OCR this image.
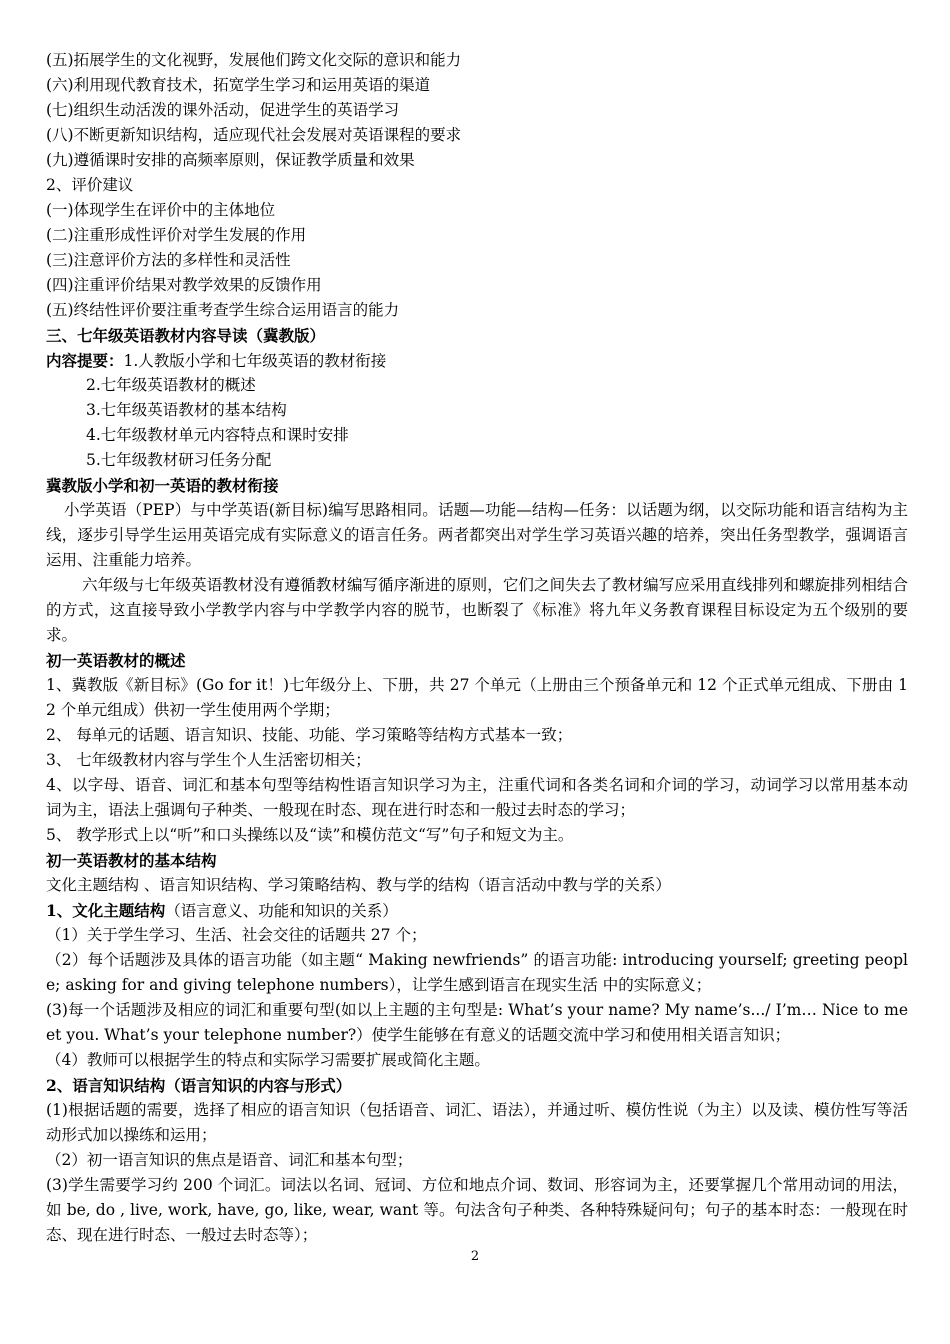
(五)拓展学生的文化视野，发展他们跨文化交际的意识和能力
(六)利用现代教育技术，拓宽学生学习和运用英语的渠道
(七)组织生动活泼的课外活动，促进学生的英语学习
(八)不断更新知识结构，适应现代社会发展对英语课程的要求
(九)遵循课时安排的高频率原则，保证教学质量和效果
2、评价建议
(一)体现学生在评价中的主体地位
(二)注重形成性评价对学生发展的作用
(三)注意评价方法的多样性和灵活性
(四)注重评价结果对教学效果的反馈作用
(五)终结性评价要注重考查学生综合运用语言的能力
三、七年级英语教材内容导读（冀教版）
内容提要：1.人教版小学和七年级英语的教材衔接
2.七年级英语教材的概述
3.七年级英语教材的基本结构
4.七年级教材单元内容特点和课时安排
5.七年级教材研习任务分配
冀教版小学和初一英语的教材衔接
小学英语（PEP）与中学英语(新目标)编写思路相同。话题—功能—结构—任务：以话题为纲，以交际功能和语言结构为主线，逐步引导学生运用英语完成有实际意义的语言任务。两者都突出对学生学习英语兴趣的培养，突出任务型教学，强调语言运用、注重能力培养。
六年级与七年级英语教材没有遵循教材编写循序渐进的原则，它们之间失去了教材编写应采用直线排列和螺旋排列相结合的方式，这直接导致小学教学内容与中学教学内容的脱节，也断裂了《标准》将九年义务教育课程目标设定为五个级别的要求。
初一英语教材的概述
1、冀教版《新目标》(Go for it！)七年级分上、下册，共 27 个单元（上册由三个预备单元和 12 个正式单元组成、下册由 12 个单元组成）供初一学生使用两个学期；
2、 每单元的话题、语言知识、技能、功能、学习策略等结构方式基本一致；
3、 七年级教材内容与学生个人生活密切相关；
4、以字母、语音、词汇和基本句型等结构性语言知识学习为主，注重代词和各类名词和介词的学习，动词学习以常用基本动词为主，语法上强调句子种类、一般现在时态、现在进行时态和一般过去时态的学习；
5、 教学形式上以“听”和口头操练以及“读”和模仿范文“写”句子和短文为主。
初一英语教材的基本结构
文化主题结构 、语言知识结构、学习策略结构、教与学的结构（语言活动中教与学的关系）
1、文化主题结构（语言意义、功能和知识的关系）
（1）关于学生学习、生活、社会交往的话题共 27 个；
（2）每个话题涉及具体的语言功能（如主题“ Making newfriends” 的语言功能: introducing yourself; greeting people; asking for and giving telephone numbers），让学生感到语言在现实生活 中的实际意义；
(3)每一个话题涉及相应的词汇和重要句型(如以上主题的主句型是: What’s your name? My name’s.../ I’m… Nice to meet you. What’s your telephone number?）使学生能够在有意义的话题交流中学习和使用相关语言知识；
（4）教师可以根据学生的特点和实际学习需要扩展或简化主题。
2、语言知识结构（语言知识的内容与形式）
(1)根据话题的需要，选择了相应的语言知识（包括语音、词汇、语法），并通过听、模仿性说（为主）以及读、模仿性写等活动形式加以操练和运用；
（2）初一语言知识的焦点是语音、词汇和基本句型；
(3)学生需要学习约 200 个词汇。词法以名词、冠词、方位和地点介词、数词、形容词为主，还要掌握几个常用动词的用法，如 be, do , live, work, have, go, like, wear, want 等。句法含句子种类、各种特殊疑问句；句子的基本时态：一般现在时态、现在进行时态、一般过去时态等）；
2
